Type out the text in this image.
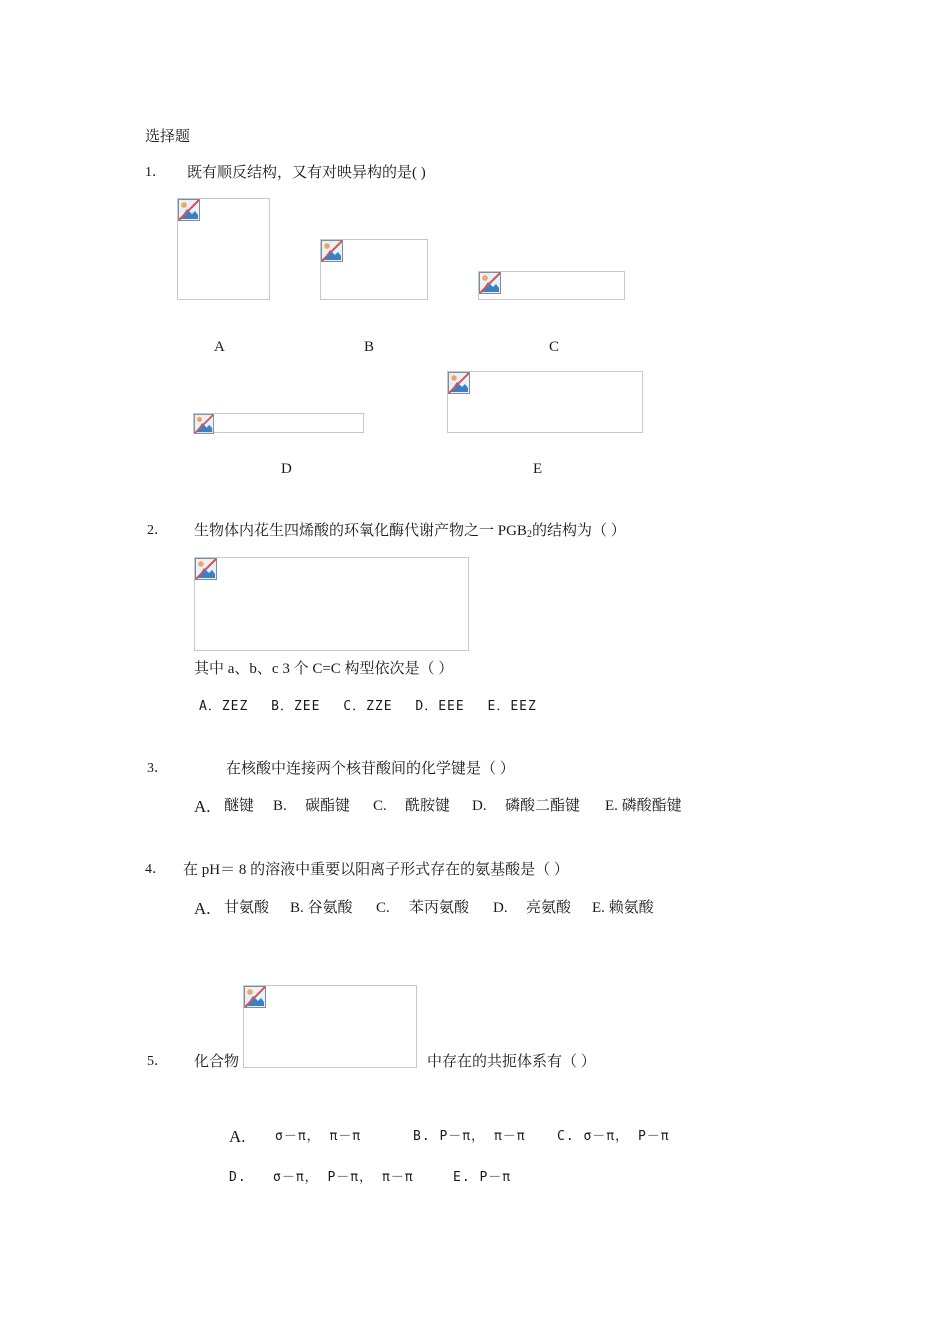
选择题
1． 既有顺反结构，又有对映异构的是( )
A	B	C
D	E
2． 生物体内花生四烯酸的环氧化酶代谢产物之一 $PGB_2$的结构为（ ）
其中 a、b、c 3 个 C=C 构型依次是（ ）
A．ZEZ　 B．ZEE　 C．ZZE　 D．EEE　 E．EEZ
3．	在核酸中连接两个核苷酸间的化学键是（ ）
A. 醚键 B. 碳酯键 C. 酰胺键 D. 磷酸二酯键 E. 磷酸酯键
4． 在 pH＝ 8 的溶液中重要以阳离子形式存在的氨基酸是（ ）
A. 甘氨酸 B. 谷氨酸 C. 苯丙氨酸 D. 亮氨酸 E. 赖氨酸
5． 化合物	中存在的共扼体系有（ ）
A. σ－π， π－π	B. P－π， π－π C. σ－π， P－π
D. σ－π， P－π， π－π	E. P－π
